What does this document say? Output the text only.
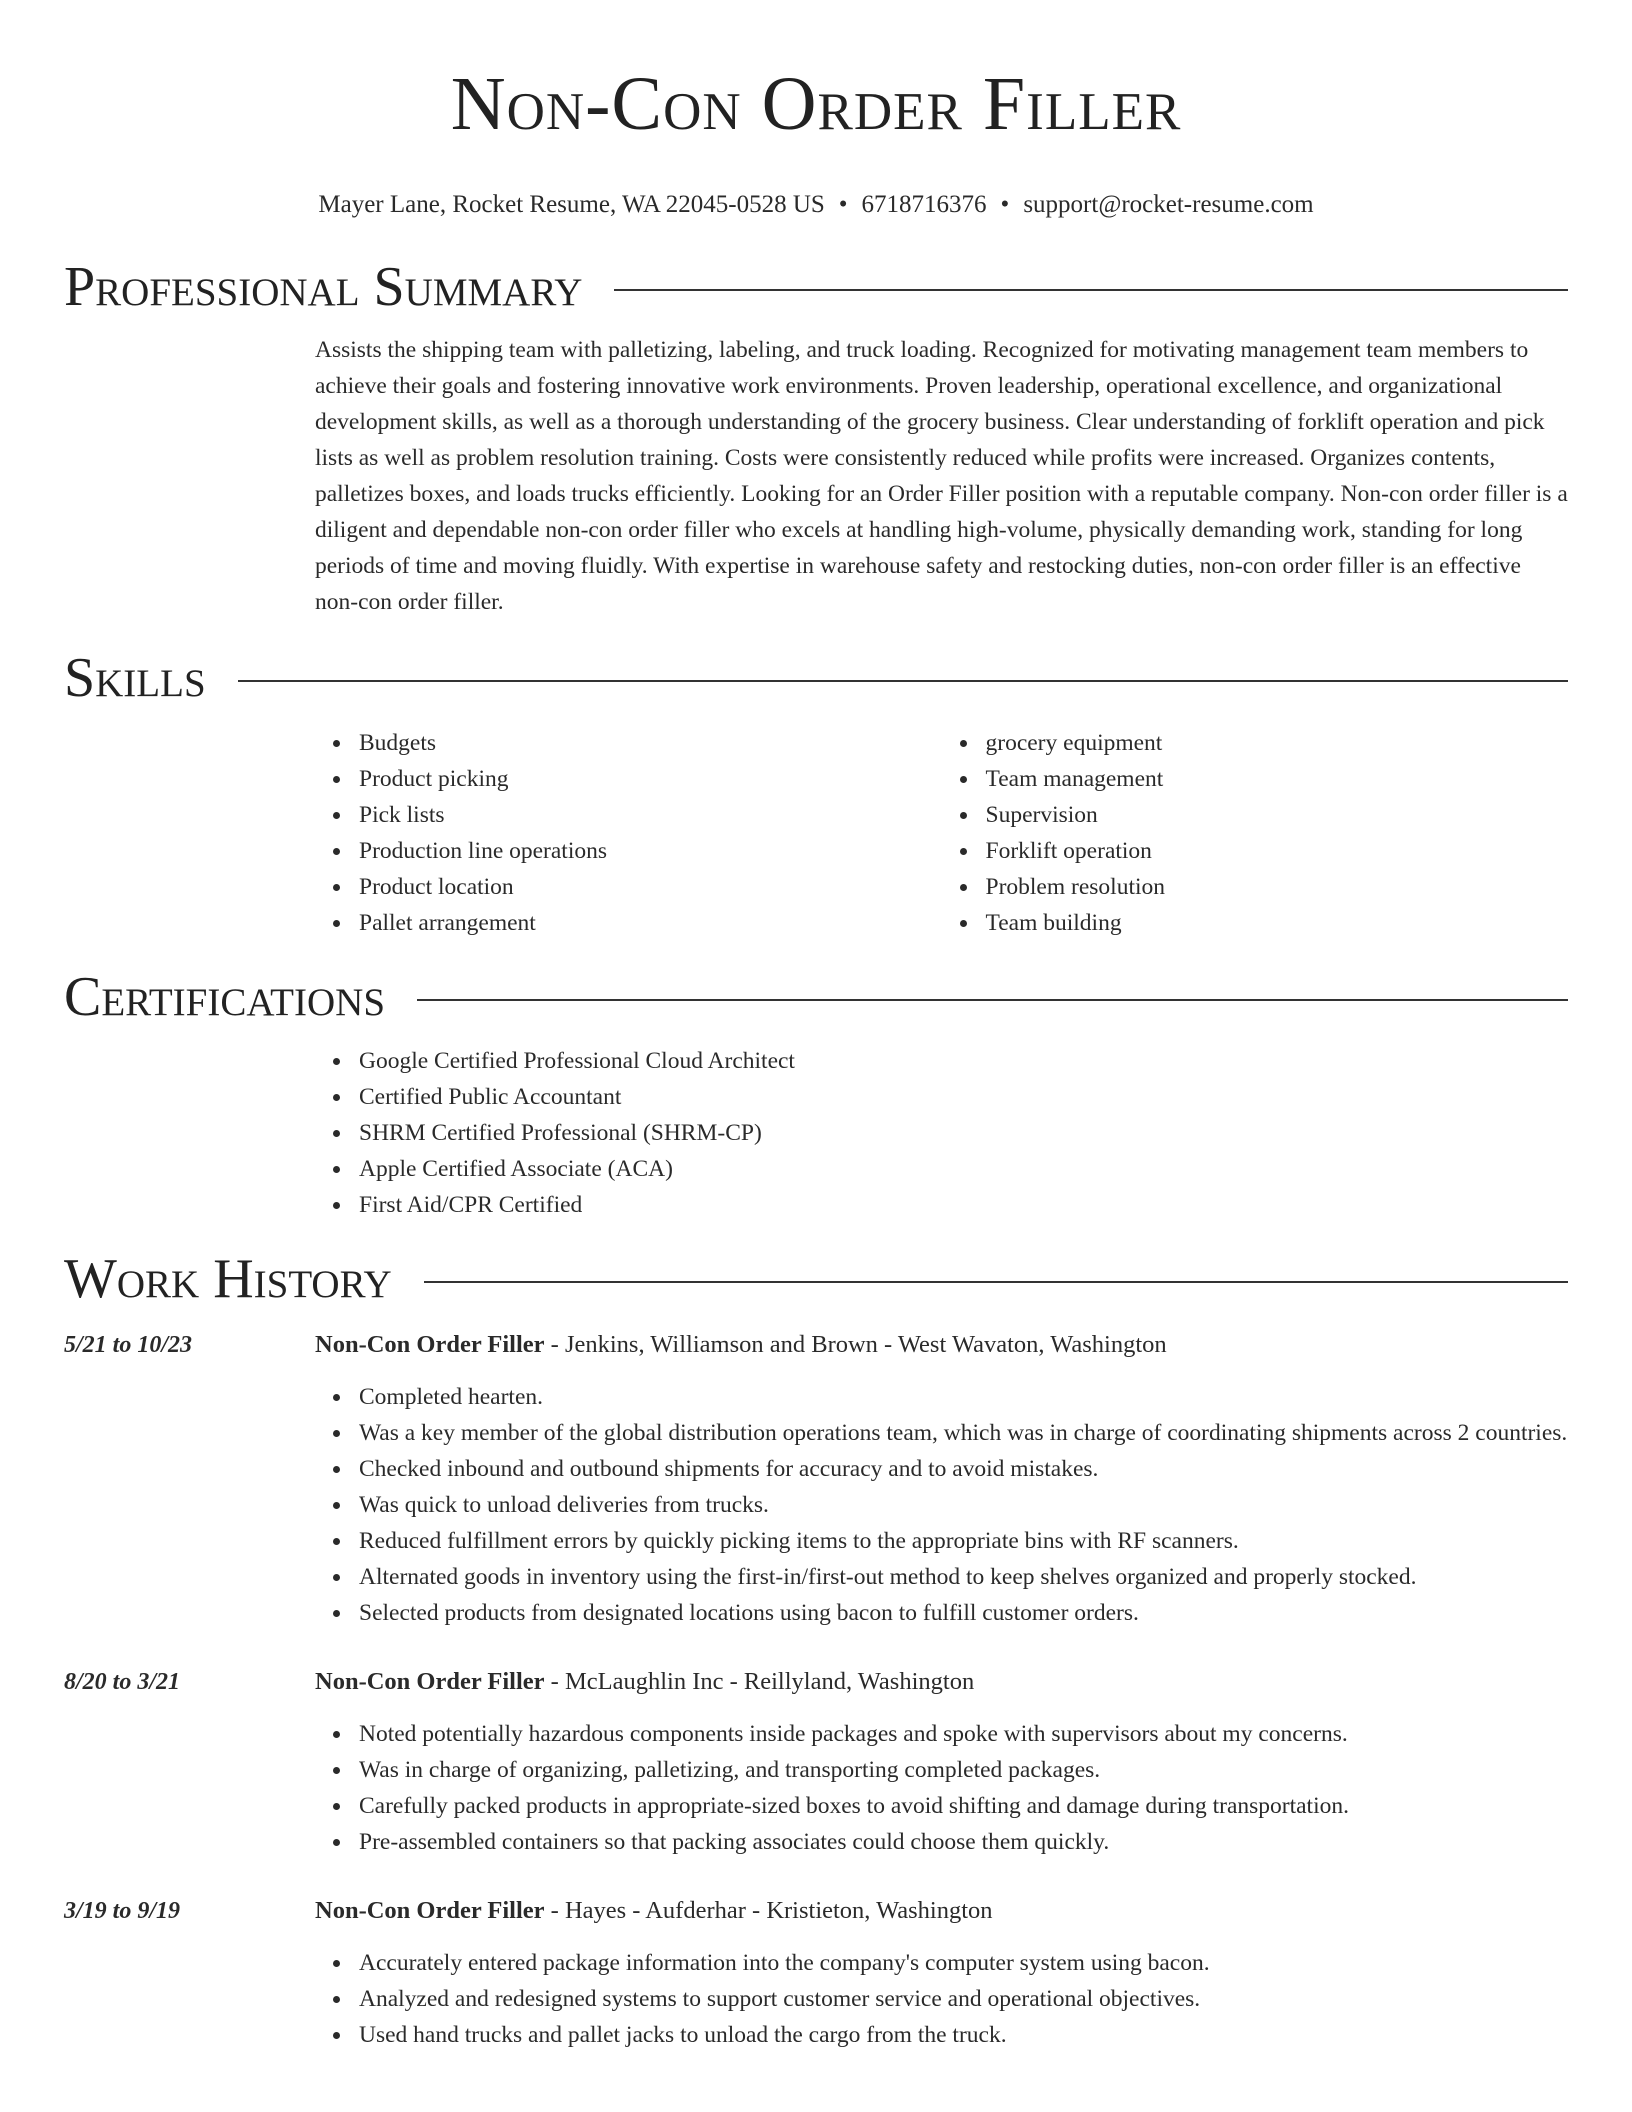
Non-Con Order Filler
Mayer Lane, Rocket Resume, WA 22045-0528 US • 6718716376 • support@rocket-resume.com
Professional Summary

Assists the shipping team with palletizing, labeling, and truck loading. Recognized for motivating management team members to achieve their goals and fostering innovative work environments. Proven leadership, operational excellence, and organizational development skills, as well as a thorough understanding of the grocery business. Clear understanding of forklift operation and pick lists as well as problem resolution training. Costs were consistently reduced while profits were increased. Organizes contents, palletizes boxes, and loads trucks efficiently. Looking for an Order Filler position with a reputable company. Non-con order filler is a diligent and dependable non-con order filler who excels at handling high-volume, physically demanding work, standing for long periods of time and moving fluidly. With expertise in warehouse safety and restocking duties, non-con order filler is an effective non-con order filler.

Skills
Budgets
Product picking
Pick lists
Production line operations
Product location
Pallet arrangement
grocery equipment
Team management
Supervision
Forklift operation
Problem resolution
Team building
Certifications
Google Certified Professional Cloud Architect
Certified Public Accountant
SHRM Certified Professional (SHRM-CP)
Apple Certified Associate (ACA)
First Aid/CPR Certified
Work History
5/21 to 10/23	Non-Con Order Filler - Jenkins, Williamson and Brown - West Wavaton, Washington
Completed hearten.
Was a key member of the global distribution operations team, which was in charge of coordinating shipments across 2 countries.
Checked inbound and outbound shipments for accuracy and to avoid mistakes.
Was quick to unload deliveries from trucks.
Reduced fulfillment errors by quickly picking items to the appropriate bins with RF scanners.
Alternated goods in inventory using the first-in/first-out method to keep shelves organized and properly stocked.
Selected products from designated locations using bacon to fulfill customer orders.
8/20 to 3/21	Non-Con Order Filler - McLaughlin Inc - Reillyland, Washington
Noted potentially hazardous components inside packages and spoke with supervisors about my concerns.
Was in charge of organizing, palletizing, and transporting completed packages.
Carefully packed products in appropriate-sized boxes to avoid shifting and damage during transportation.
Pre-assembled containers so that packing associates could choose them quickly.
3/19 to 9/19	Non-Con Order Filler - Hayes - Aufderhar - Kristieton, Washington
Accurately entered package information into the company's computer system using bacon.
Analyzed and redesigned systems to support customer service and operational objectives.
Used hand trucks and pallet jacks to unload the cargo from the truck.
